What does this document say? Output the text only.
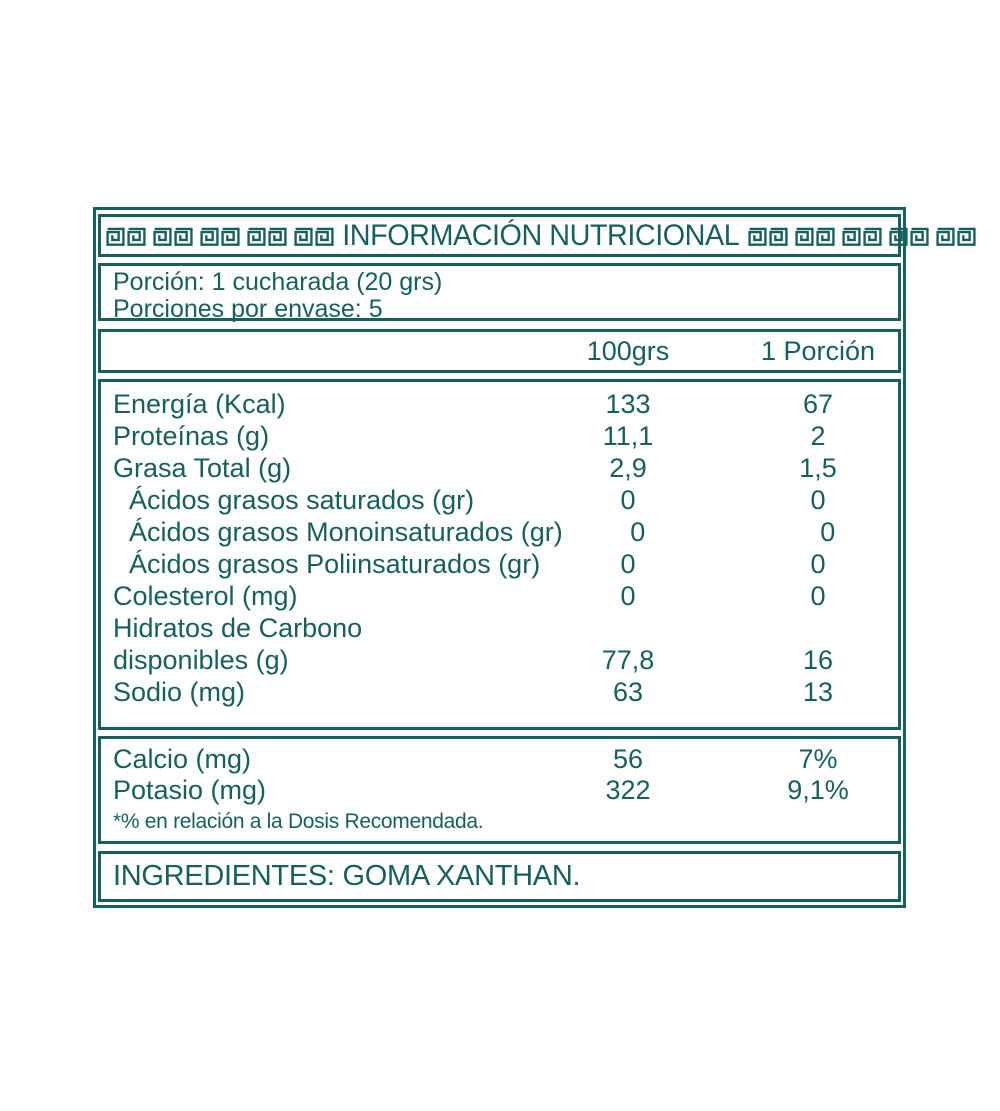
INFORMACIÓN NUTRICIONAL
Porción: 1 cucharada (20 grs)
Porciones por envase: 5
100grs	1 Porción
Energía (Kcal)	133	67
Proteínas (g)	11,1	2
Grasa Total (g)	2,9	1,5
Ácidos grasos saturados (gr)	0	0
Ácidos grasos Monoinsaturados (gr)	0	0
Ácidos grasos Poliinsaturados (gr)	0	0
Colesterol (mg)	0	0
Hidratos de Carbono
disponibles (g)	77,8	16
Sodio (mg)	63	13
Calcio (mg)	56	7%
Potasio (mg)	322	9,1%
*% en relación a la Dosis Recomendada.
INGREDIENTES: GOMA XANTHAN.
